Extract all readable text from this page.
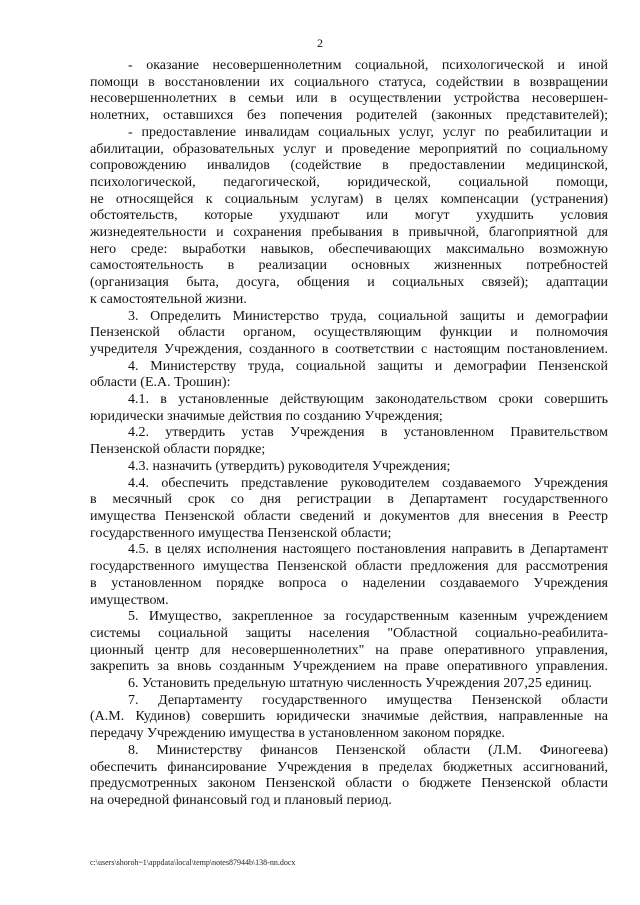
2
- оказание несовершеннолетним социальной, психологической и иной
помощи в восстановлении их социального статуса, содействии в возвращении
несовершеннолетних в семьи или в осуществлении устройства несовершен-
нолетних, оставшихся без попечения родителей (законных представителей);
- предоставление инвалидам социальных услуг, услуг по реабилитации и
абилитации, образовательных услуг и проведение мероприятий по социальному
сопровождению инвалидов (содействие в предоставлении медицинской,
психологической, педагогической, юридической, социальной помощи,
не относящейся к социальным услугам) в целях компенсации (устранения)
обстоятельств, которые ухудшают или могут ухудшить условия
жизнедеятельности и сохранения пребывания в привычной, благоприятной для
него среде: выработки навыков, обеспечивающих максимально возможную
самостоятельность в реализации основных жизненных потребностей
(организация быта, досуга, общения и социальных связей); адаптации
к самостоятельной жизни.
3. Определить Министерство труда, социальной защиты и демографии
Пензенской области органом, осуществляющим функции и полномочия
учредителя Учреждения, созданного в соответствии с настоящим постановлением.
4. Министерству труда, социальной защиты и демографии Пензенской
области (Е.А. Трошин):
4.1. в установленные действующим законодательством сроки совершить
юридически значимые действия по созданию Учреждения;
4.2. утвердить устав Учреждения в установленном Правительством
Пензенской области порядке;
4.3. назначить (утвердить) руководителя Учреждения;
4.4. обеспечить представление руководителем создаваемого Учреждения
в месячный срок со дня регистрации в Департамент государственного
имущества Пензенской области сведений и документов для внесения в Реестр
государственного имущества Пензенской области;
4.5. в целях исполнения настоящего постановления направить в Департамент
государственного имущества Пензенской области предложения для рассмотрения
в установленном порядке вопроса о наделении создаваемого Учреждения
имуществом.
5. Имущество, закрепленное за государственным казенным учреждением
системы социальной защиты населения "Областной социально-реабилита-
ционный центр для несовершеннолетних" на праве оперативного управления,
закрепить за вновь созданным Учреждением на праве оперативного управления.
6. Установить предельную штатную численность Учреждения 207,25 единиц.
7. Департаменту государственного имущества Пензенской области
(А.М. Кудинов) совершить юридически значимые действия, направленные на
передачу Учреждению имущества в установленном законом порядке.
8. Министерству финансов Пензенской области (Л.М. Финогеева)
обеспечить финансирование Учреждения в пределах бюджетных ассигнований,
предусмотренных законом Пензенской области о бюджете Пензенской области
на очередной финансовый год и плановый период.
c:\users\shoroh~1\appdata\local\temp\notes87944b\138-nn.docx
